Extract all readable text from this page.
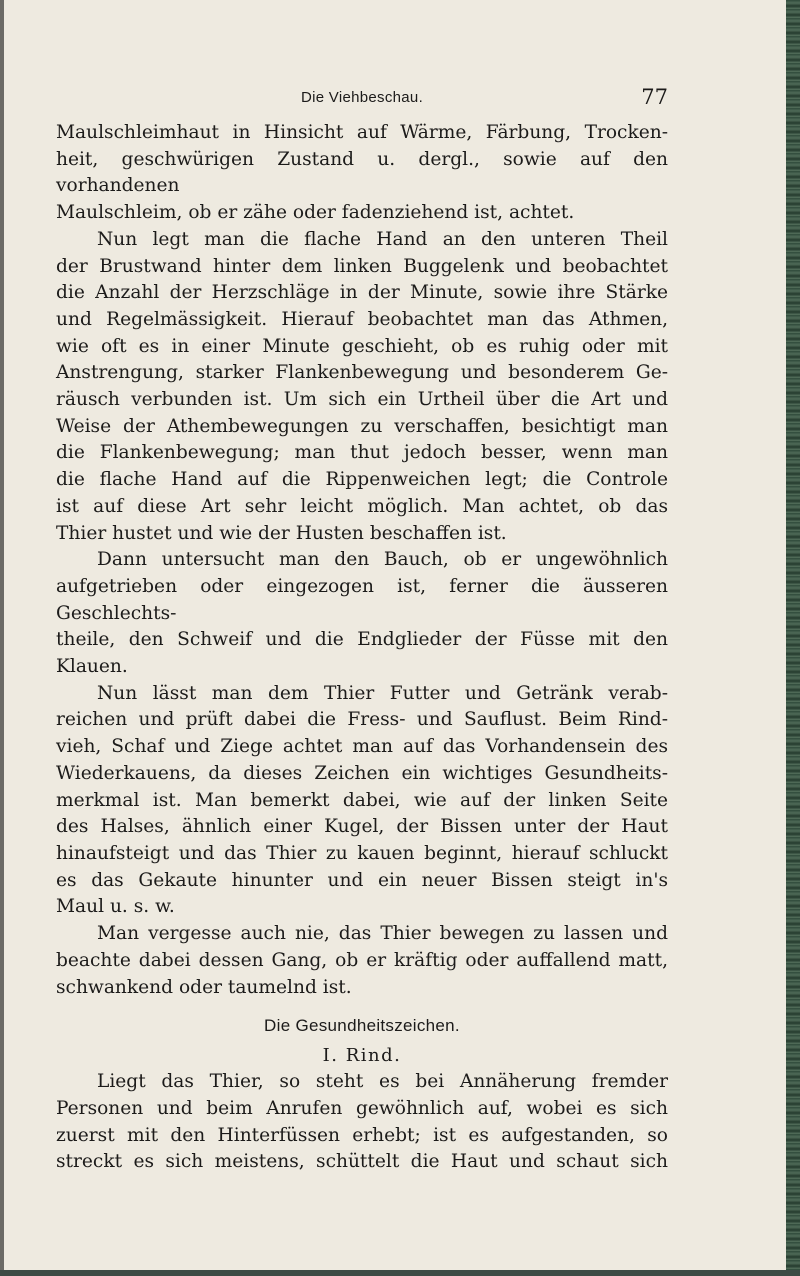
Die Viehbeschau.	77

Maulschleimhaut in Hinsicht auf Wärme, Färbung, Trocken-

heit, geschwürigen Zustand u. dergl., sowie auf den vorhandenen

Maulschleim, ob er zähe oder fadenziehend ist, achtet.

Nun legt man die flache Hand an den unteren Theil

der Brustwand hinter dem linken Buggelenk und beobachtet

die Anzahl der Herzschläge in der Minute, sowie ihre Stärke

und Regelmässigkeit. Hierauf beobachtet man das Athmen,

wie oft es in einer Minute geschieht, ob es ruhig oder mit

Anstrengung, starker Flankenbewegung und besonderem Ge-

räusch verbunden ist. Um sich ein Urtheil über die Art und

Weise der Athembewegungen zu verschaffen, besichtigt man

die Flankenbewegung; man thut jedoch besser, wenn man

die flache Hand auf die Rippenweichen legt; die Controle

ist auf diese Art sehr leicht möglich. Man achtet, ob das

Thier hustet und wie der Husten beschaffen ist.

Dann untersucht man den Bauch, ob er ungewöhnlich

aufgetrieben oder eingezogen ist, ferner die äusseren Geschlechts-

theile, den Schweif und die Endglieder der Füsse mit den

Klauen.

Nun lässt man dem Thier Futter und Getränk verab-

reichen und prüft dabei die Fress- und Sauflust. Beim Rind-

vieh, Schaf und Ziege achtet man auf das Vorhandensein des

Wiederkauens, da dieses Zeichen ein wichtiges Gesundheits-

merkmal ist. Man bemerkt dabei, wie auf der linken Seite

des Halses, ähnlich einer Kugel, der Bissen unter der Haut

hinaufsteigt und das Thier zu kauen beginnt, hierauf schluckt

es das Gekaute hinunter und ein neuer Bissen steigt in's

Maul u. s. w.

Man vergesse auch nie, das Thier bewegen zu lassen und

beachte dabei dessen Gang, ob er kräftig oder auffallend matt,

schwankend oder taumelnd ist.

Die Gesundheitszeichen.
I. Rind.

Liegt das Thier, so steht es bei Annäherung fremder

Personen und beim Anrufen gewöhnlich auf, wobei es sich

zuerst mit den Hinterfüssen erhebt; ist es aufgestanden, so

streckt es sich meistens, schüttelt die Haut und schaut sich
